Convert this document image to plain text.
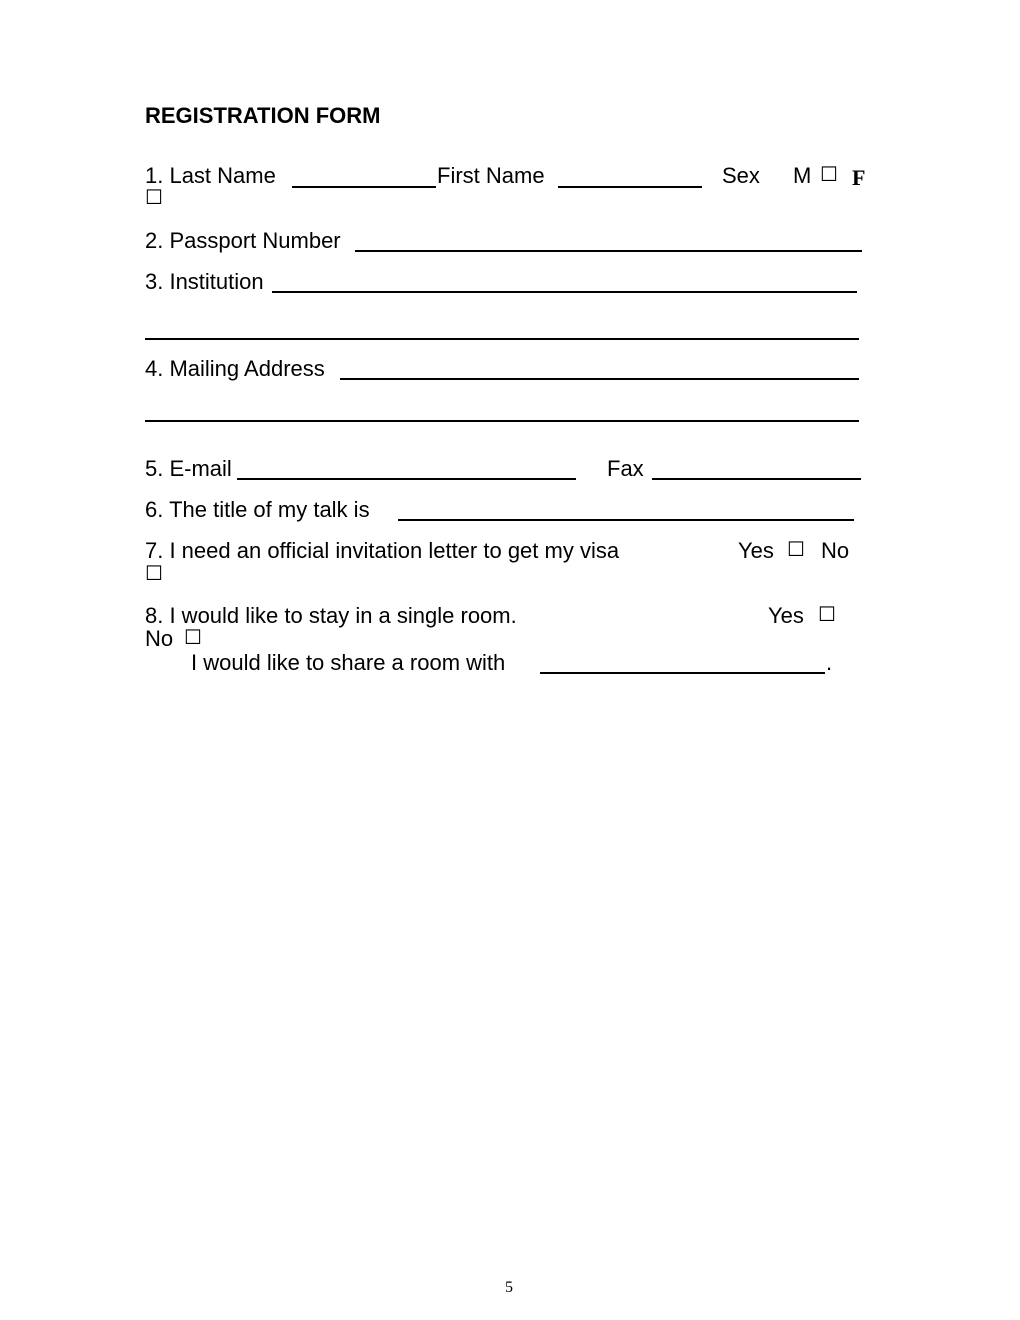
REGISTRATION FORM
1. Last Name	First Name	Sex M ☐ F
☐
2. Passport Number
3. Institution
4. Mailing Address
5. E-mail	Fax
6. The title of my talk is
7. I need an official invitation letter to get my visa	Yes ☐ No
☐
8. I would like to stay in a single room.	Yes ☐
No ☐
I would like to share a room with	.
5
